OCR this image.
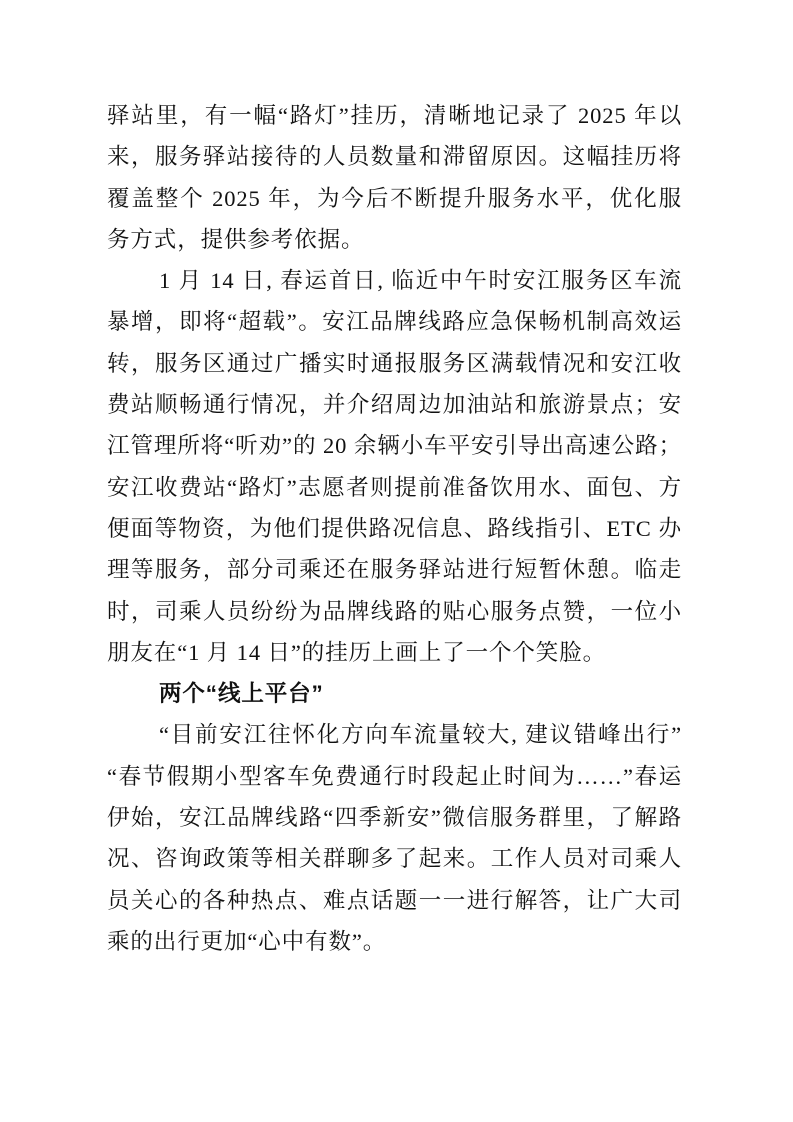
驿站里，有一幅“路灯”挂历，清晰地记录了 2025 年以来，服务驿站接待的人员数量和滞留原因。这幅挂历将覆盖整个 2025 年，为今后不断提升服务水平，优化服务方式，提供参考依据。

1 月 14 日, 春运首日, 临近中午时安江服务区车流暴增，即将“超载”。安江品牌线路应急保畅机制高效运转，服务区通过广播实时通报服务区满载情况和安江收费站顺畅通行情况，并介绍周边加油站和旅游景点；安江管理所将“听劝”的 20 余辆小车平安引导出高速公路；安江收费站“路灯”志愿者则提前准备饮用水、面包、方便面等物资，为他们提供路况信息、路线指引、ETC 办理等服务，部分司乘还在服务驿站进行短暂休憩。临走时，司乘人员纷纷为品牌线路的贴心服务点赞，一位小朋友在“1 月 14 日”的挂历上画上了一个个笑脸。

两个“线上平台”

“目前安江往怀化方向车流量较大, 建议错峰出行”“春节假期小型客车免费通行时段起止时间为……”春运伊始，安江品牌线路“四季新安”微信服务群里，了解路况、咨询政策等相关群聊多了起来。工作人员对司乘人员关心的各种热点、难点话题一一进行解答，让广大司乘的出行更加“心中有数”。
